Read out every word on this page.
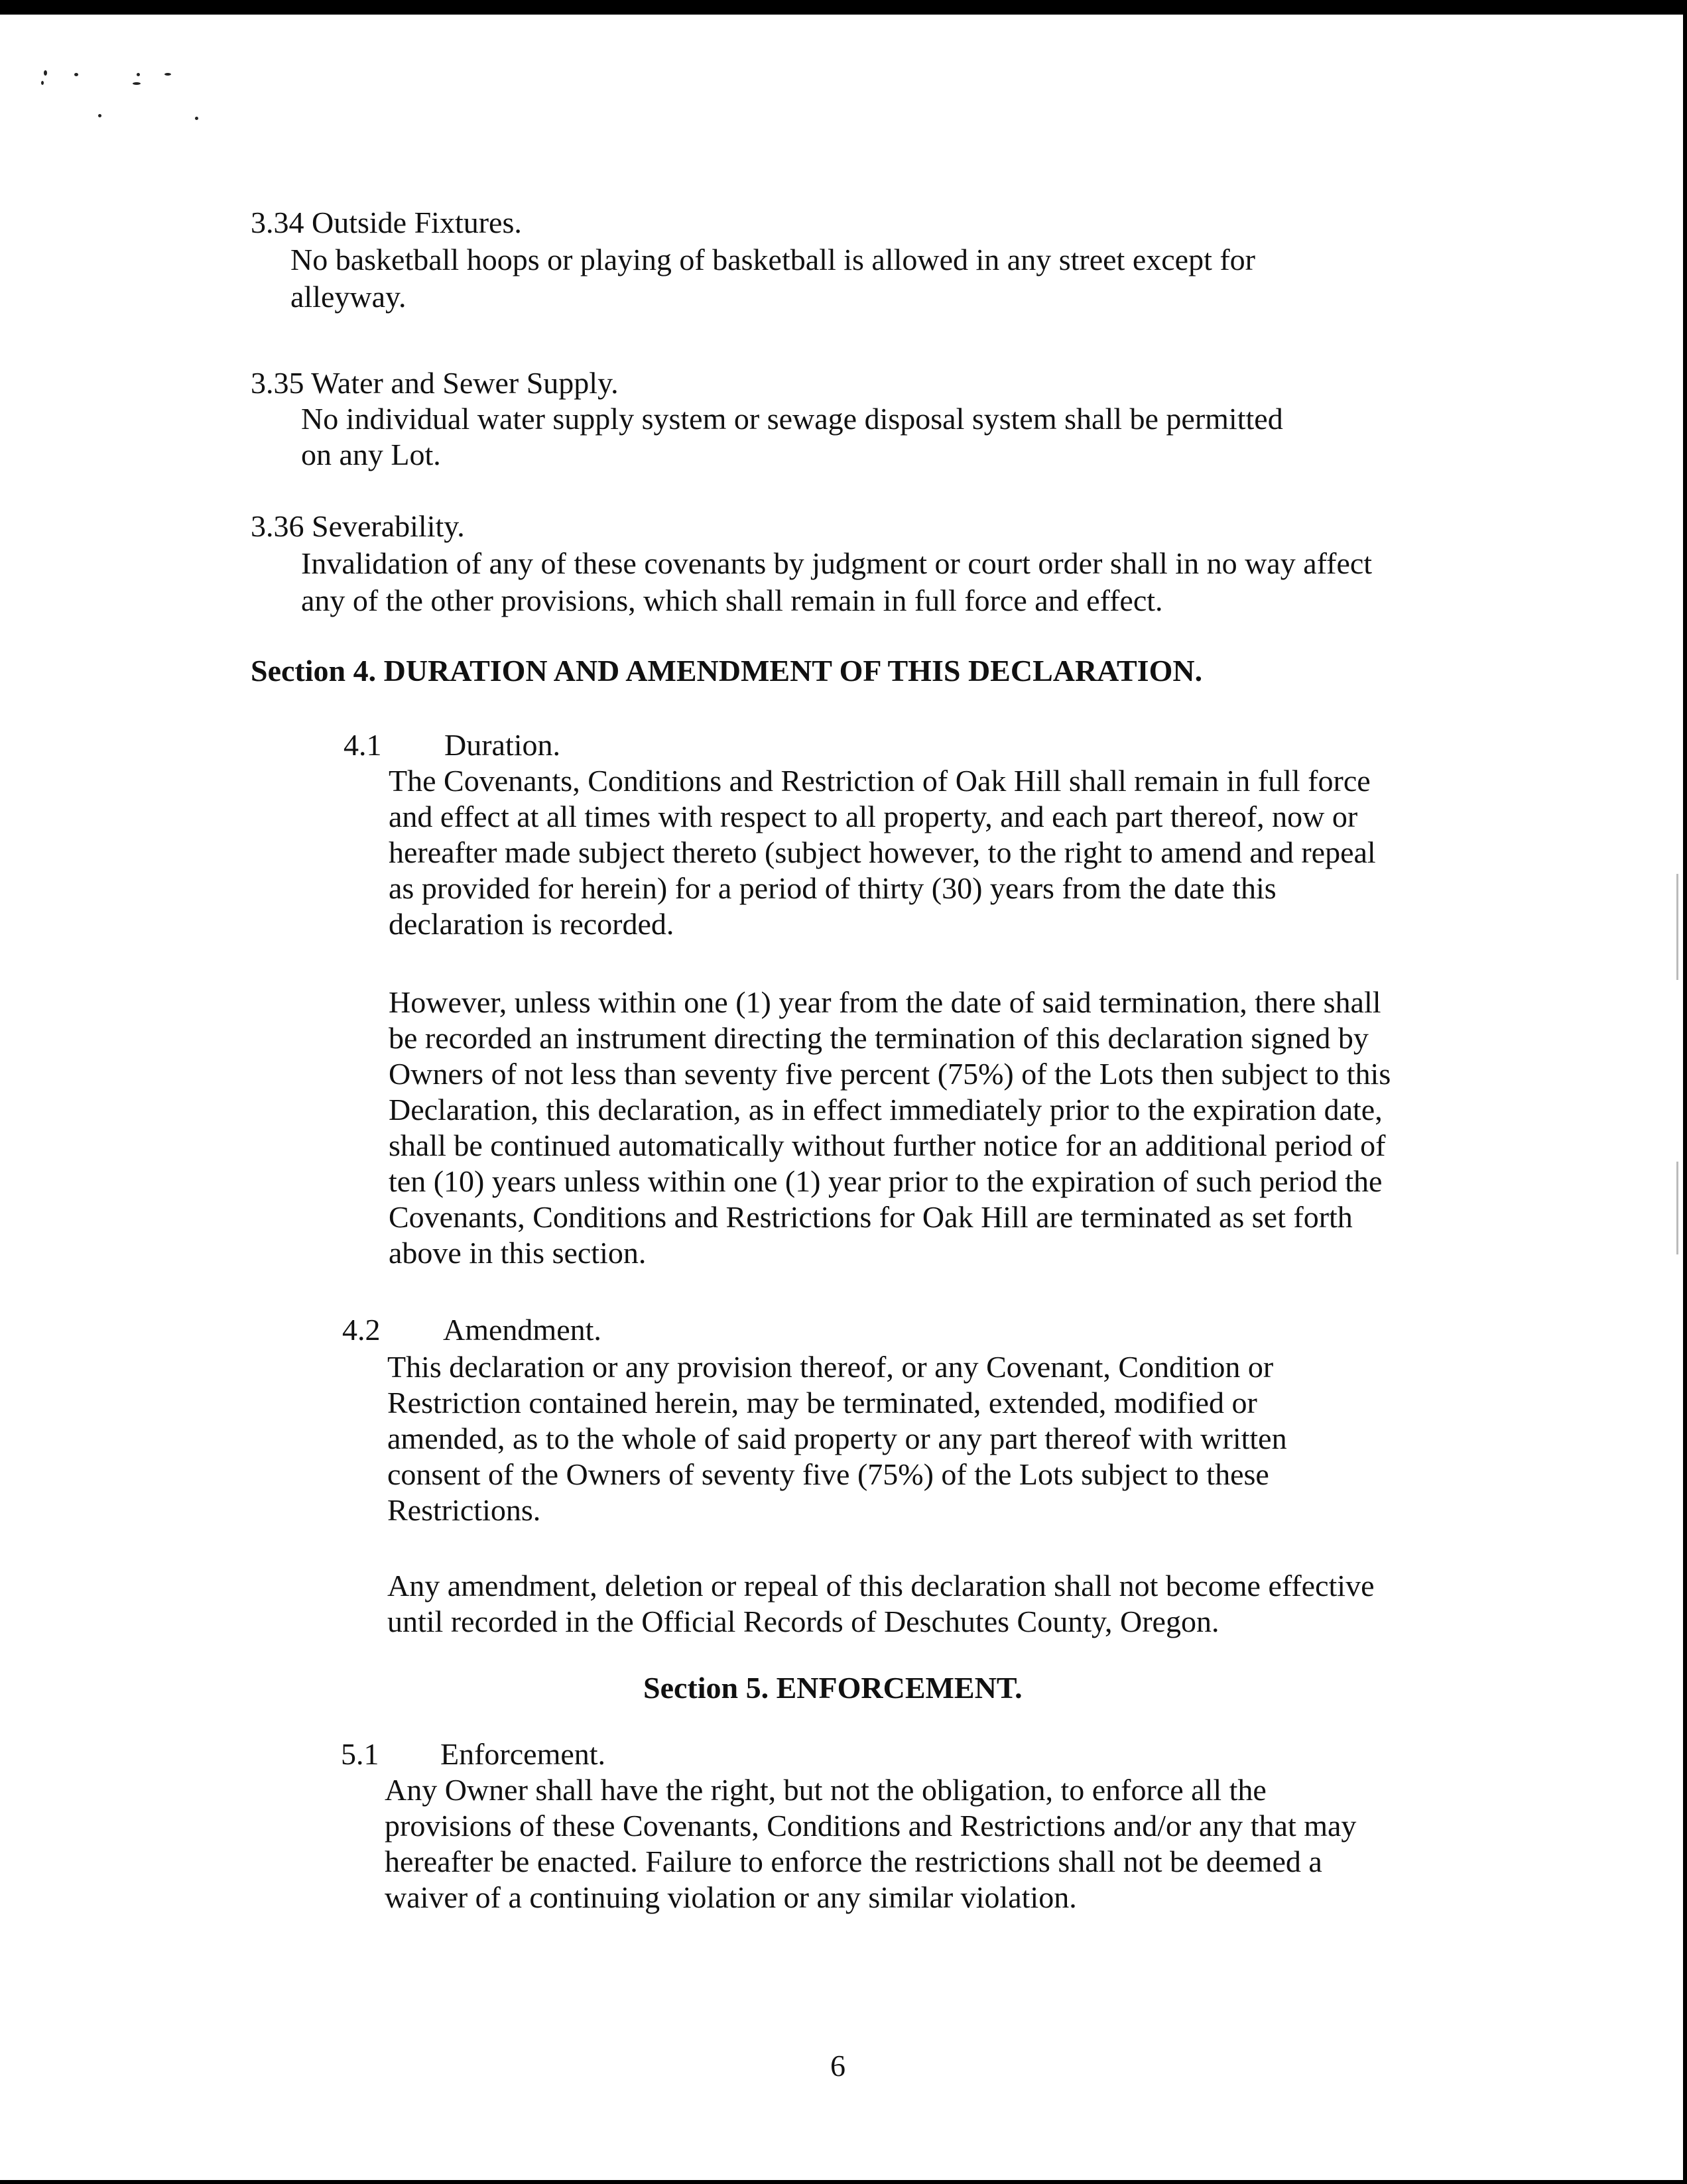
3.34 Outside Fixtures.

No basketball hoops or playing of basketball is allowed in any street except for

alleyway.

3.35 Water and Sewer Supply.

No individual water supply system or sewage disposal system shall be permitted

on any Lot.

3.36 Severability.

Invalidation of any of these covenants by judgment or court order shall in no way affect

any of the other provisions, which shall remain in full force and effect.

Section 4. DURATION AND AMENDMENT OF THIS DECLARATION.

4.1 Duration.

The Covenants, Conditions and Restriction of Oak Hill shall remain in full force

and effect at all times with respect to all property, and each part thereof, now or

hereafter made subject thereto (subject however, to the right to amend and repeal

as provided for herein) for a period of thirty (30) years from the date this

declaration is recorded.

However, unless within one (1) year from the date of said termination, there shall

be recorded an instrument directing the termination of this declaration signed by

Owners of not less than seventy five percent (75%) of the Lots then subject to this

Declaration, this declaration, as in effect immediately prior to the expiration date,

shall be continued automatically without further notice for an additional period of

ten (10) years unless within one (1) year prior to the expiration of such period the

Covenants, Conditions and Restrictions for Oak Hill are terminated as set forth

above in this section.

4.2 Amendment.

This declaration or any provision thereof, or any Covenant, Condition or

Restriction contained herein, may be terminated, extended, modified or

amended, as to the whole of said property or any part thereof with written

consent of the Owners of seventy five (75%) of the Lots subject to these

Restrictions.

Any amendment, deletion or repeal of this declaration shall not become effective

until recorded in the Official Records of Deschutes County, Oregon.

Section 5. ENFORCEMENT.

5.1 Enforcement.

Any Owner shall have the right, but not the obligation, to enforce all the

provisions of these Covenants, Conditions and Restrictions and/or any that may

hereafter be enacted. Failure to enforce the restrictions shall not be deemed a

waiver of a continuing violation or any similar violation.

6
